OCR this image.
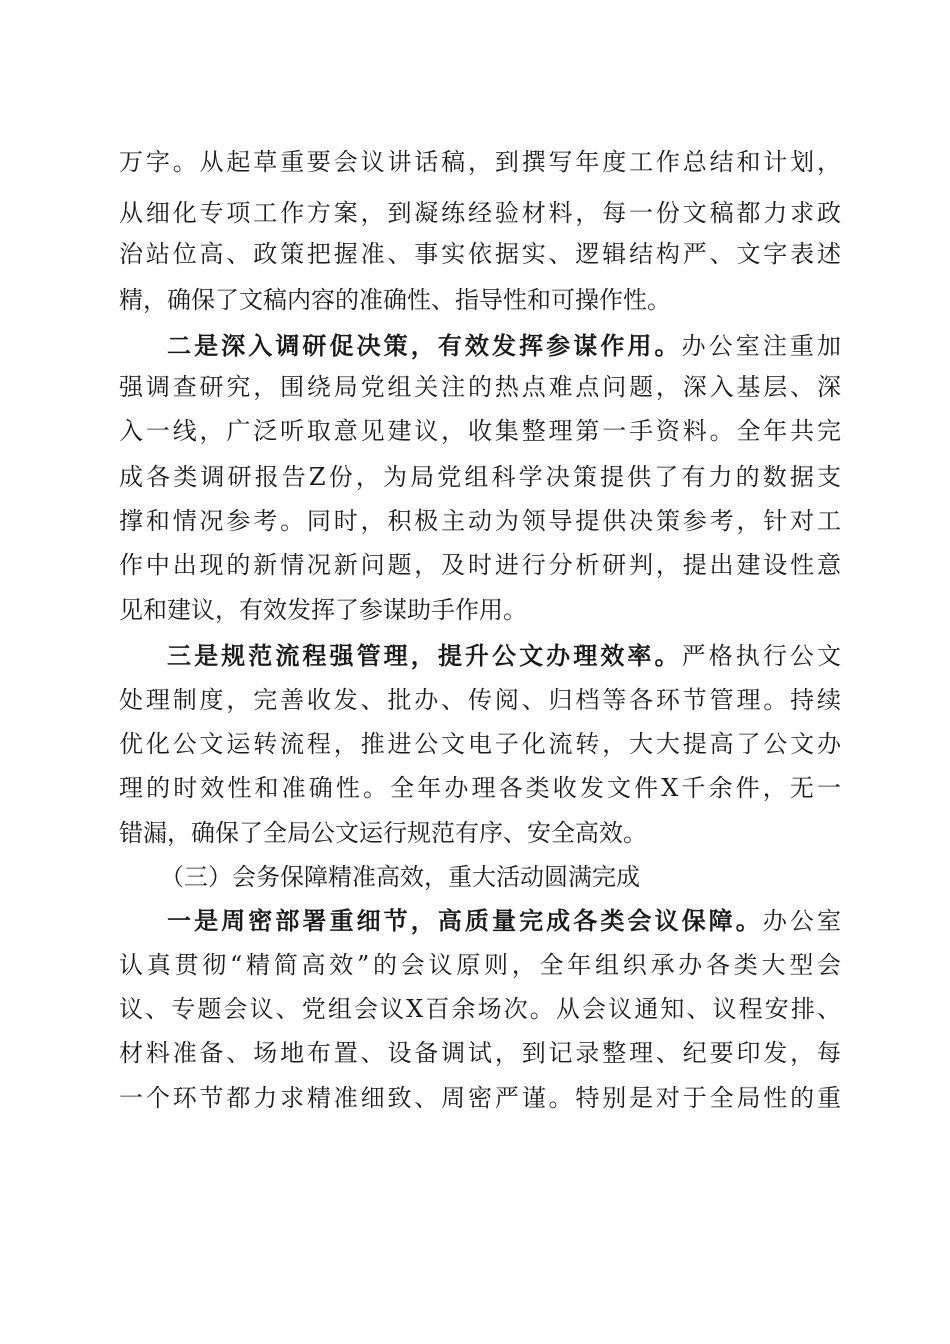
万字。从起草重要会议讲话稿，到撰写年度工作总结和计划，
从细化专项工作方案，到凝练经验材料，每一份文稿都力求政
治站位高、政策把握准、事实依据实、逻辑结构严、文字表述
精，确保了文稿内容的准确性、指导性和可操作性。
二是深入调研促决策，有效发挥参谋作用。办公室注重加
强调查研究，围绕局党组关注的热点难点问题，深入基层、深
入一线，广泛听取意见建议，收集整理第一手资料。全年共完
成各类调研报告Z份，为局党组科学决策提供了有力的数据支
撑和情况参考。同时，积极主动为领导提供决策参考，针对工
作中出现的新情况新问题，及时进行分析研判，提出建设性意
见和建议，有效发挥了参谋助手作用。
三是规范流程强管理，提升公文办理效率。严格执行公文
处理制度，完善收发、批办、传阅、归档等各环节管理。持续
优化公文运转流程，推进公文电子化流转，大大提高了公文办
理的时效性和准确性。全年办理各类收发文件X千余件，无一
错漏，确保了全局公文运行规范有序、安全高效。
（三）会务保障精准高效，重大活动圆满完成
一是周密部署重细节，高质量完成各类会议保障。办公室
认真贯彻“精简高效”的会议原则，全年组织承办各类大型会
议、专题会议、党组会议X百余场次。从会议通知、议程安排、
材料准备、场地布置、设备调试，到记录整理、纪要印发，每
一个环节都力求精准细致、周密严谨。特别是对于全局性的重
